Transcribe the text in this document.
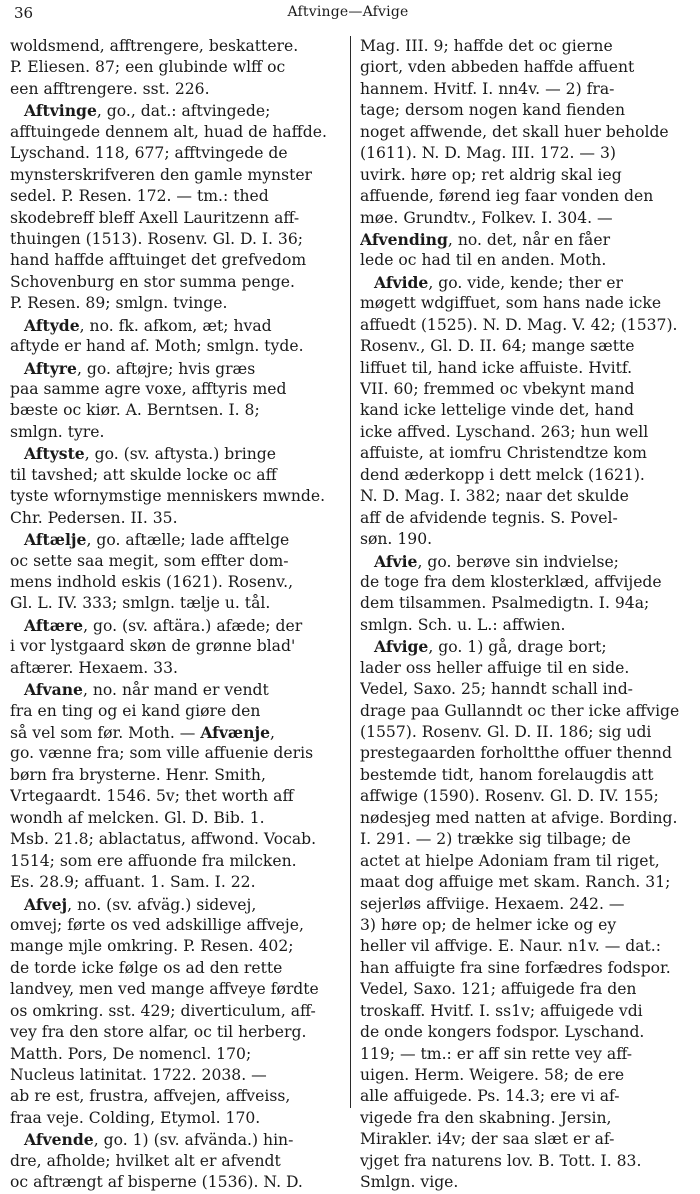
36	Aftvinge—Afvige
woldsmend, afftrengere, beskattere.
P. Eliesen. 87; een glubinde wlff oc
een afftrengere. sst. 226.
Aftvinge, go., dat.: aftvingede;
afftuingede dennem alt, huad de haffde.
Lyschand. 118, 677; afftvingede de
mynsterskrifveren den gamle mynster
sedel. P. Resen. 172. — tm.: thed
skodebreff bleff Axell Lauritzenn aff-
thuingen (1513). Rosenv. Gl. D. I. 36;
hand haffde afftuinget det grefvedom
Schovenburg en stor summa penge.
P. Resen. 89; smlgn. tvinge.
Aftyde, no. fk. afkom, æt; hvad
aftyde er hand af. Moth; smlgn. tyde.
Aftyre, go. aftøjre; hvis græs
paa samme agre voxe, afftyris med
bæste oc kiør. A. Berntsen. I. 8;
smlgn. tyre.
Aftyste, go. (sv. aftysta.) bringe
til tavshed; att skulde locke oc aff
tyste wfornymstige menniskers mwnde.
Chr. Pedersen. II. 35.
Aftælje, go. aftælle; lade afftelge
oc sette saa megit, som effter dom-
mens indhold eskis (1621). Rosenv.,
Gl. L. IV. 333; smlgn. tælje u. tål.
Aftære, go. (sv. aftära.) afæde; der
i vor lystgaard skøn de grønne blad'
aftærer. Hexaem. 33.
Afvane, no. når mand er vendt
fra en ting og ei kand giøre den
så vel som før. Moth. — Afvænje,
go. vænne fra; som ville affuenie deris
børn fra brysterne. Henr. Smith,
Vrtegaardt. 1546. 5v; thet worth aff
wondh af melcken. Gl. D. Bib. 1.
Msb. 21.8; ablactatus, affwond. Vocab.
1514; som ere affuonde fra milcken.
Es. 28.9; affuant. 1. Sam. I. 22.
Afvej, no. (sv. afväg.) sidevej,
omvej; førte os ved adskillige affveje,
mange mjle omkring. P. Resen. 402;
de torde icke følge os ad den rette
landvey, men ved mange affveye førdte
os omkring. sst. 429; diverticulum, aff-
vey fra den store alfar, oc til herberg.
Matth. Pors, De nomencl. 170;
Nucleus latinitat. 1722. 2038. —
ab re est, frustra, affvejen, affveiss,
fraa veje. Colding, Etymol. 170.
Afvende, go. 1) (sv. afvända.) hin-
dre, afholde; hvilket alt er afvendt
oc aftrængt af bisperne (1536). N. D.
Mag. III. 9; haffde det oc gierne
giort, vden abbeden haffde affuent
hannem. Hvitf. I. nn4v. — 2) fra-
tage; dersom nogen kand fienden
noget affwende, det skall huer beholde
(1611). N. D. Mag. III. 172. — 3)
uvirk. høre op; ret aldrig skal ieg
affuende, førend ieg faar vonden den
møe. Grundtv., Folkev. I. 304. —
Afvending, no. det, når en fåer
lede oc had til en anden. Moth.
Afvide, go. vide, kende; ther er
møgett wdgiffuet, som hans nade icke
affuedt (1525). N. D. Mag. V. 42; (1537).
Rosenv., Gl. D. II. 64; mange sætte
liffuet til, hand icke affuiste. Hvitf.
VII. 60; fremmed oc vbekynt mand
kand icke lettelige vinde det, hand
icke affved. Lyschand. 263; hun well
affuiste, at iomfru Christendtze kom
dend æderkopp i dett melck (1621).
N. D. Mag. I. 382; naar det skulde
aff de afvidende tegnis. S. Povel-
søn. 190.
Afvie, go. berøve sin indvielse;
de toge fra dem klosterklæd, affvijede
dem tilsammen. Psalmedigtn. I. 94a;
smlgn. Sch. u. L.: affwien.
Afvige, go. 1) gå, drage bort;
lader oss heller affuige til en side.
Vedel, Saxo. 25; hanndt schall ind-
drage paa Gullanndt oc ther icke affvige
(1557). Rosenv. Gl. D. II. 186; sig udi
prestegaarden forholtthe offuer thennd
bestemde tidt, hanom forelaugdis att
affwige (1590). Rosenv. Gl. D. IV. 155;
nødesjeg med natten at afvige. Bording.
I. 291. — 2) trække sig tilbage; de
actet at hielpe Adoniam fram til riget,
maat dog affuige met skam. Ranch. 31;
sejerløs affviige. Hexaem. 242. —
3) høre op; de helmer icke og ey
heller vil affvige. E. Naur. n1v. — dat.:
han affuigte fra sine forfædres fodspor.
Vedel, Saxo. 121; affuigede fra den
troskaff. Hvitf. I. ss1v; affuigede vdi
de onde kongers fodspor. Lyschand.
119; — tm.: er aff sin rette vey aff-
uigen. Herm. Weigere. 58; de ere
alle affuigede. Ps. 14.3; ere vi af-
vigede fra den skabning. Jersin,
Mirakler. i4v; der saa slæt er af-
vjget fra naturens lov. B. Tott. I. 83.
Smlgn. vige.
